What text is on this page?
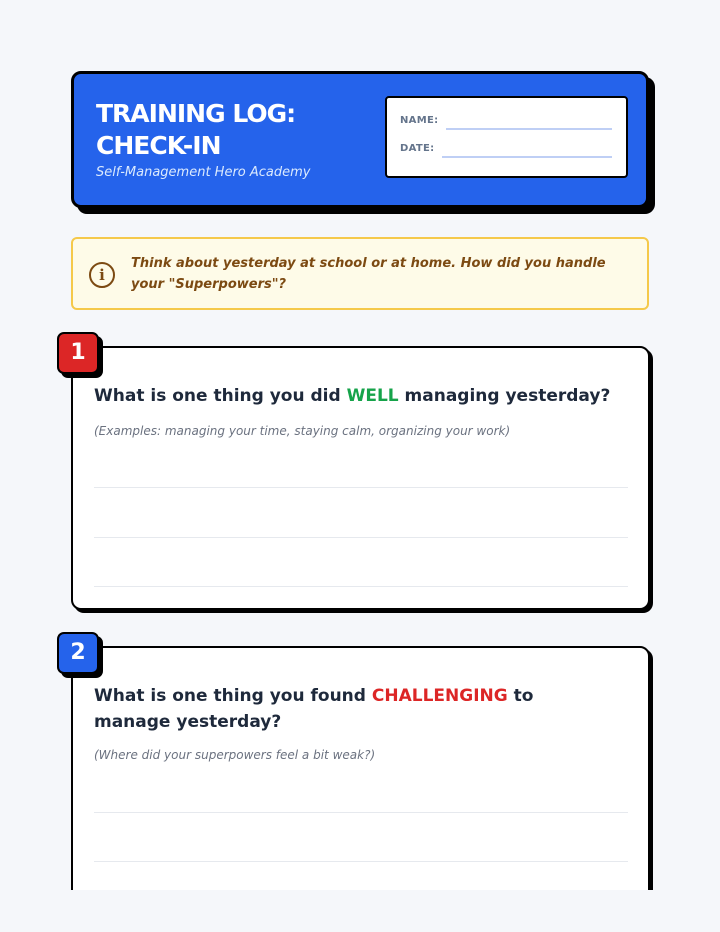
TRAINING LOG:
CHECK-IN
Self-Management Hero Academy
NAME:
DATE:
i
Think about yesterday at school or at home. How did you handle your "Superpowers"?
What is one thing you did WELL managing yesterday?
(Examples: managing your time, staying calm, organizing your work)
1
What is one thing you found CHALLENGING to manage yesterday?
(Where did your superpowers feel a bit weak?)
2
